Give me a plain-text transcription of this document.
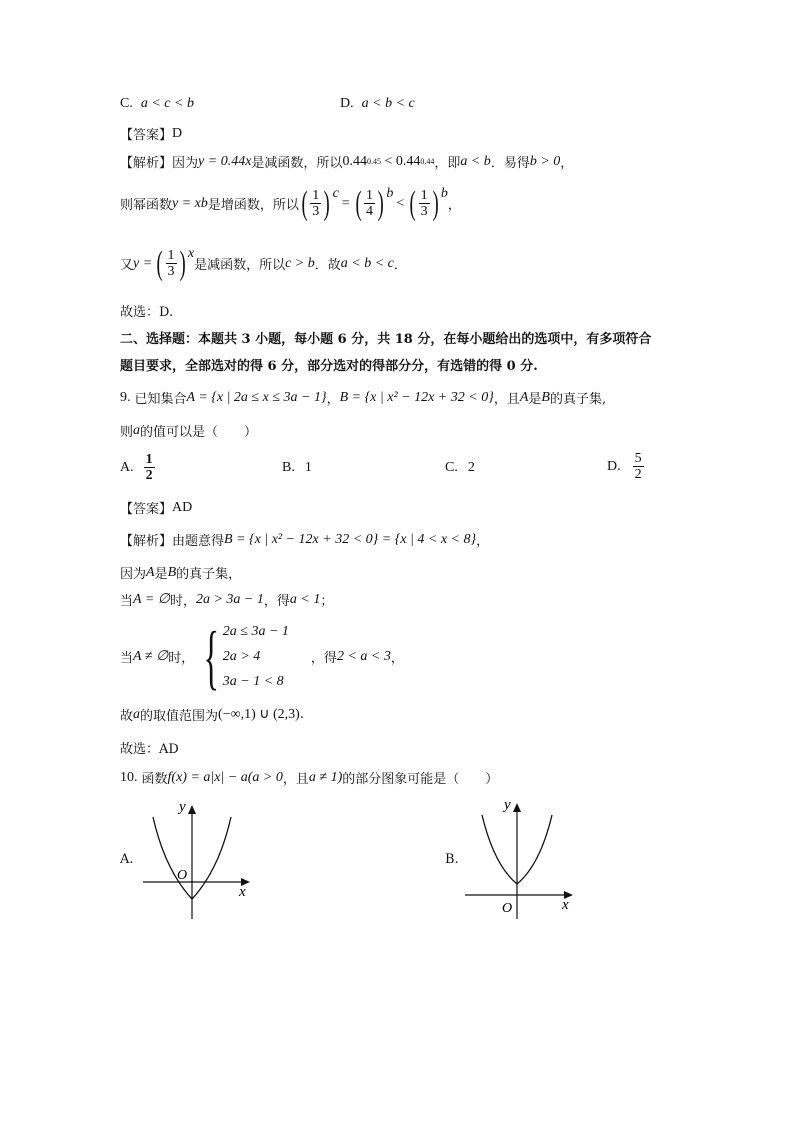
C. a < c < b	D. a < b < c
【答案】 D
【解析】 因为 y = 0.44 x 是减函数，所以 0.44 0.45 < 0.44 0.44 ，即 a < b ．易得 b > 0 ，
则幂函数 y = x b 是增函数，所以 ( $\frac{1}{3} )^c$
= ( $\frac{1}{4} )^b$
< ( $\frac{1}{3} )^b$
，
又 y = ( $\frac{1}{3} )^x$
是减函数，所以 c > b ．故 a < b < c ．
故选：D.
二、选择题：本题共 3 小题，每小题 6 分，共 18 分，在每小题给出的选项中，有多项符合
题目要求，全部选对的得 6 分，部分选对的得部分分，有选错的得 0 分.
9. 已知集合 A = {x | 2a ≤ x ≤ 3a − 1} ， B = {x | x² − 12x + 32 < 0} ，且 A 是 B 的真子集,
则 a 的值可以是（　　）
A. $\frac{1}{2}$	B. 1	C. 2	D. $\frac{5}{2}$
【答案】 AD
【解析】 由题意得 B = {x | x² − 12x + 32 < 0} = {x | 4 < x < 8} ，
因为 A 是 B 的真子集，
当 A = ∅ 时， 2a > 3a − 1 ，得 a < 1 ；
当 A ≠ ∅ 时， { 2a ≤ 3a − 1
2a > 4
3a − 1 < 8
，得 2 < a < 3 ，
故 a 的取值范围为 (−∞,1) ∪ (2,3) .
故选：AD
10. 函数 f(x) = a |x| − a (a > 0 ，且 a ≠ 1) 的部分图象可能是（　　）
A.
y
x
O
B.
y
x
O
